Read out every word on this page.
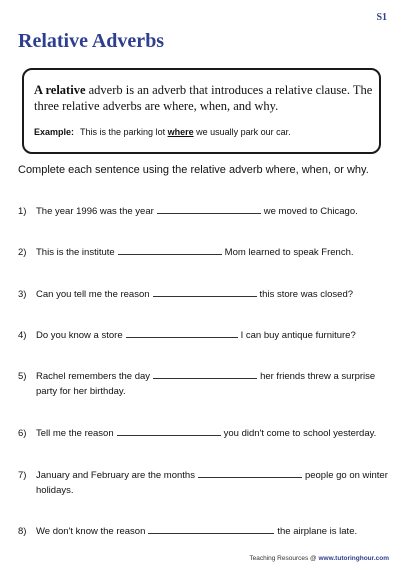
S1
Relative Adverbs

A relative adverb is an adverb that introduces a relative clause. The three relative adverbs are where, when, and why.

Example: This is the parking lot where we usually park our car.

Complete each sentence using the relative adverb where, when, or why.

1) The year 1996 was the year	we moved to Chicago.
2) This is the institute	Mom learned to speak French.
3) Can you tell me the reason	this store was closed?
4) Do you know a store	I can buy antique furniture?
5) Rachel remembers the day	her friends threw a surprise party for her birthday.
6) Tell me the reason	you didn't come to school yesterday.
7) January and February are the months	people go on winter holidays.
8) We don't know the reason	the airplane is late.
Teaching Resources @ www.tutoringhour.com
